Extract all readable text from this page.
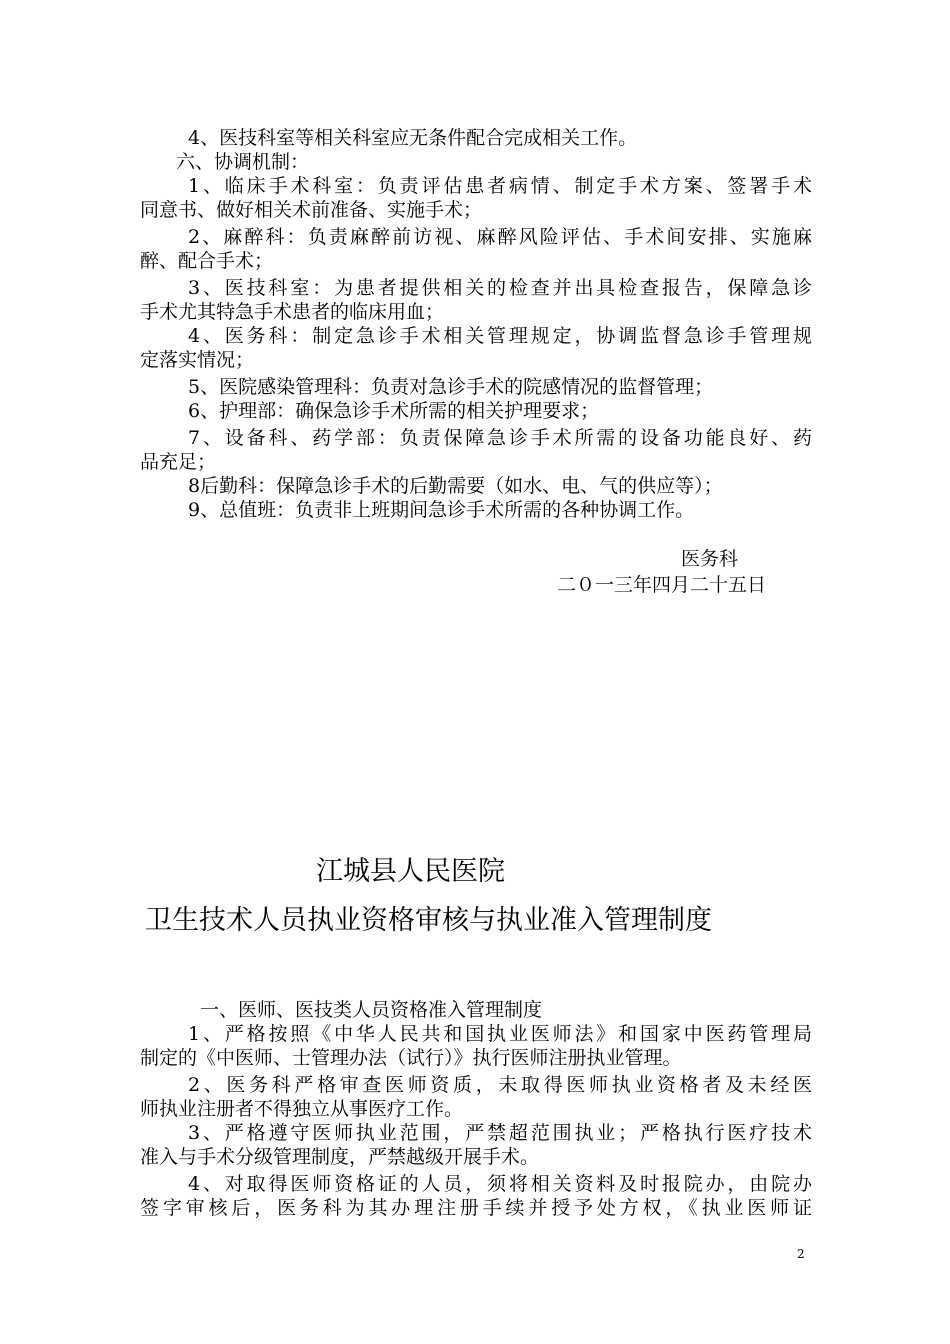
4、医技科室等相关科室应无条件配合完成相关工作。
六、协调机制：
1、临床手术科室：负责评估患者病情、制定手术方案、签署手术
同意书、做好相关术前准备、实施手术；
2、麻醉科：负责麻醉前访视、麻醉风险评估、手术间安排、实施麻
醉、配合手术；
3、医技科室：为患者提供相关的检查并出具检查报告，保障急诊
手术尤其特急手术患者的临床用血；
4、医务科：制定急诊手术相关管理规定，协调监督急诊手管理规
定落实情况；
5、医院感染管理科：负责对急诊手术的院感情况的监督管理；
6、护理部：确保急诊手术所需的相关护理要求；
7、设备科、药学部：负责保障急诊手术所需的设备功能良好、药
品充足；
8后勤科：保障急诊手术的后勤需要（如水、电、气的供应等）；
9、总值班：负责非上班期间急诊手术所需的各种协调工作。
医务科
二０一三年四月二十五日
江城县人民医院
卫生技术人员执业资格审核与执业准入管理制度
一、医师、医技类人员资格准入管理制度
1、严格按照《中华人民共和国执业医师法》和国家中医药管理局
制定的《中医师、士管理办法（试行）》执行医师注册执业管理。
2、医务科严格审查医师资质，未取得医师执业资格者及未经医
师执业注册者不得独立从事医疗工作。
3、严格遵守医师执业范围，严禁超范围执业；严格执行医疗技术
准入与手术分级管理制度，严禁越级开展手术。
4、对取得医师资格证的人员，须将相关资料及时报院办，由院办
签字审核后，医务科为其办理注册手续并授予处方权，《执业医师证
2
